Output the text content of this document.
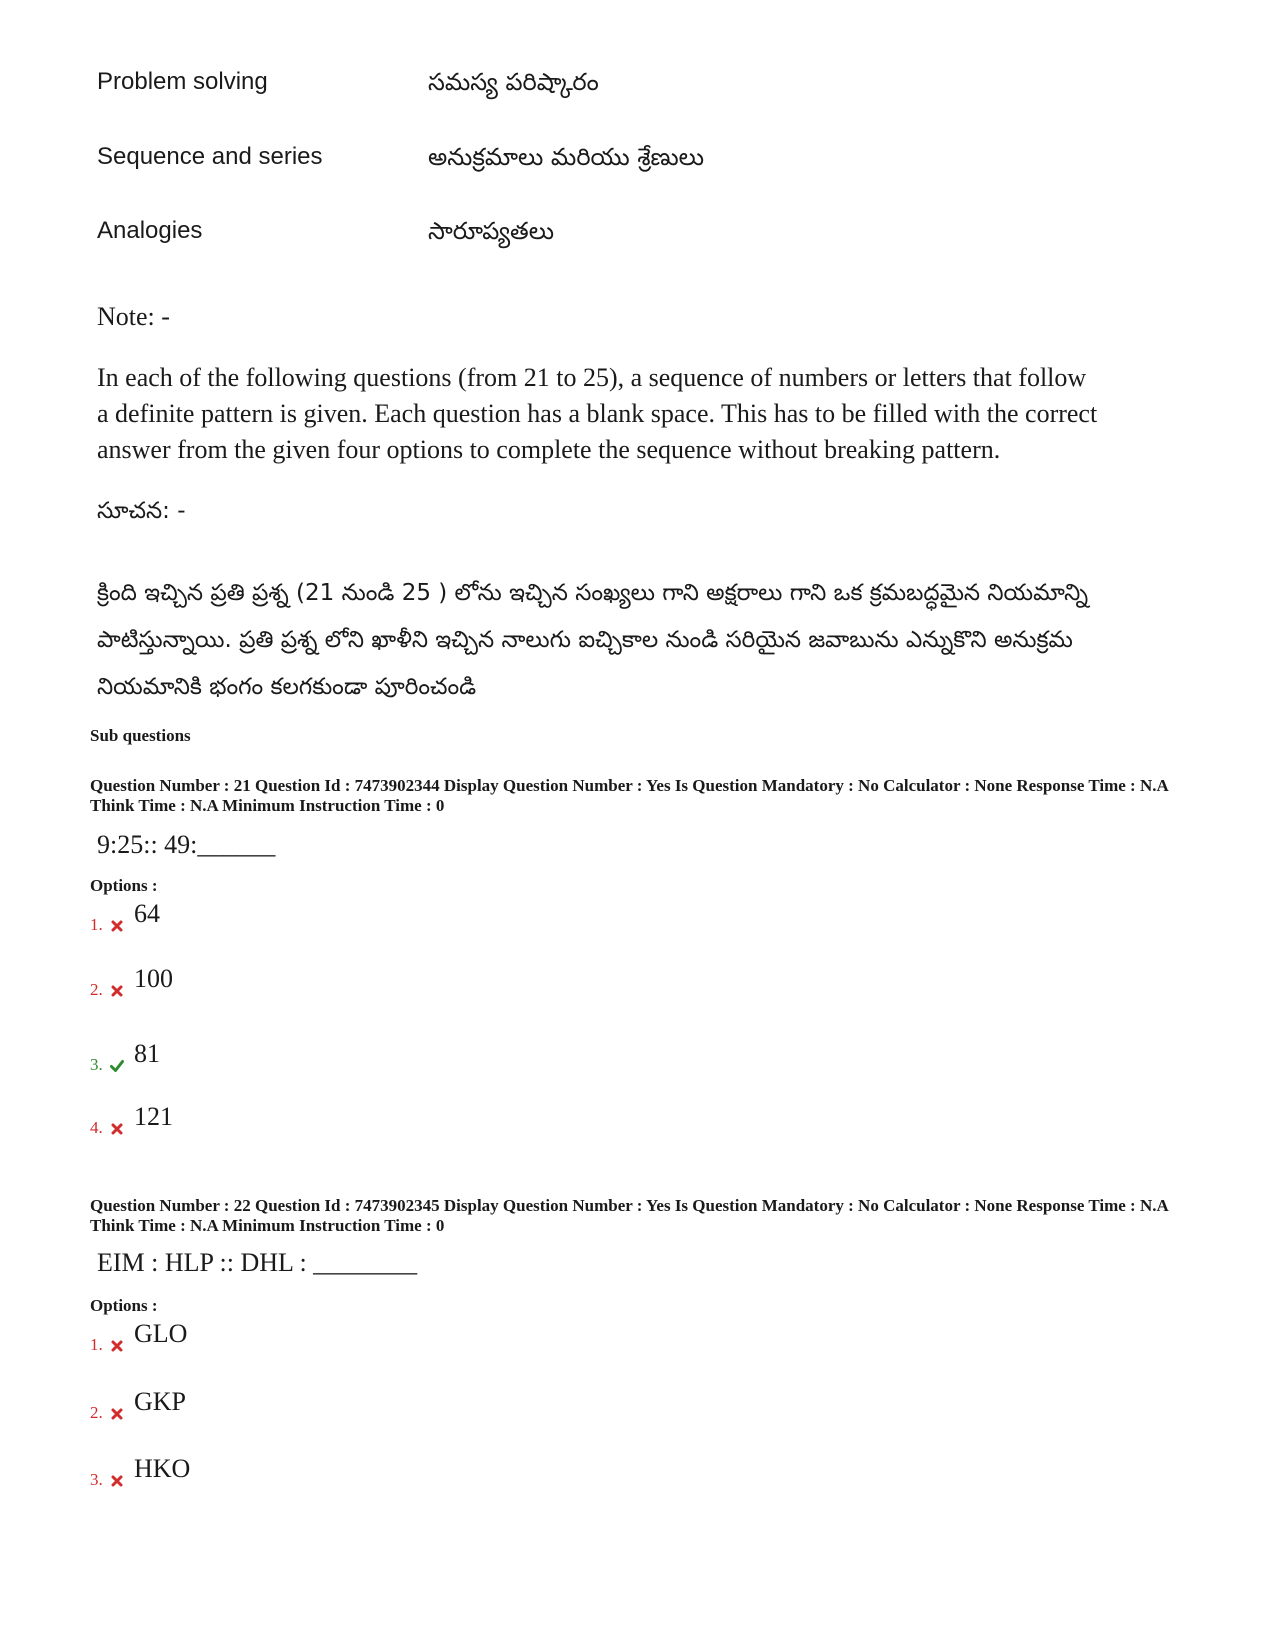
Problem solving	సమస్య పరిష్కారం
Sequence and series	అనుక్రమాలు మరియు శ్రేణులు
Analogies	సారూప్యతలు
Note: -
In each of the following questions (from 21 to 25), a sequence of numbers or letters that follow
a definite pattern is given. Each question has a blank space. This has to be filled with the correct
answer from the given four options to complete the sequence without breaking pattern.
సూచన: -
క్రింది ఇచ్చిన ప్రతి ప్రశ్న (21 నుండి 25 ) లోను ఇచ్చిన సంఖ్యలు గాని అక్షరాలు గాని ఒక క్రమబద్ధమైన నియమాన్ని పాటిస్తున్నాయి. ప్రతి ప్రశ్న లోని ఖాళీని ఇచ్చిన నాలుగు ఐచ్చికాల నుండి సరియైన జవాబును ఎన్నుకొని అనుక్రమ నియమానికి భంగం కలగకుండా పూరించండి
Sub questions
Question Number : 21 Question Id : 7473902344 Display Question Number : Yes Is Question Mandatory : No Calculator : None Response Time : N.A Think Time : N.A Minimum Instruction Time : 0
9:25:: 49:______
Options :
1. 64
2. 100
3. 81
4. 121
Question Number : 22 Question Id : 7473902345 Display Question Number : Yes Is Question Mandatory : No Calculator : None Response Time : N.A Think Time : N.A Minimum Instruction Time : 0
EIM : HLP :: DHL : ________
Options :
1. GLO
2. GKP
3. HKO
